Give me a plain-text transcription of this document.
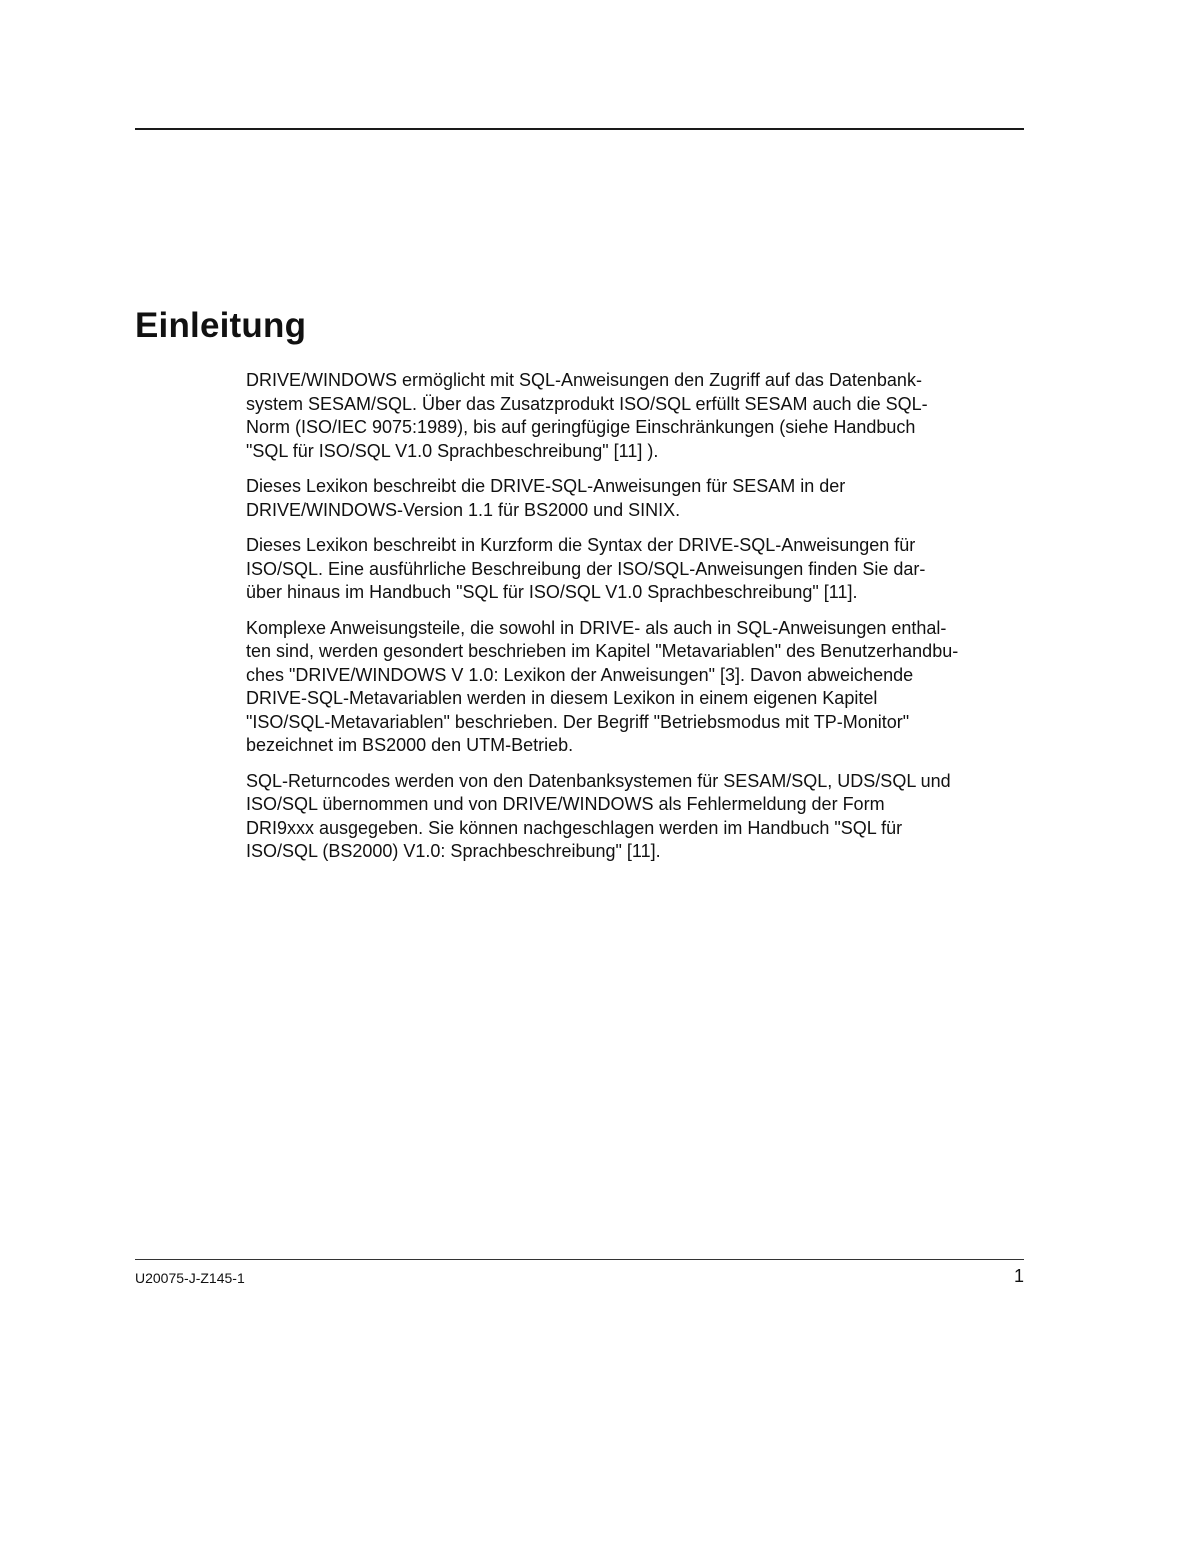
Einleitung

DRIVE/WINDOWS ermöglicht mit SQL-Anweisungen den Zugriff auf das Datenbank-
system SESAM/SQL. Über das Zusatzprodukt ISO/SQL erfüllt SESAM auch die SQL-
Norm (ISO/IEC 9075:1989), bis auf geringfügige Einschränkungen (siehe Handbuch
"SQL für ISO/SQL V1.0 Sprachbeschreibung" [11] ).

Dieses Lexikon beschreibt die DRIVE-SQL-Anweisungen für SESAM in der
DRIVE/WINDOWS-Version 1.1 für BS2000 und SINIX.

Dieses Lexikon beschreibt in Kurzform die Syntax der DRIVE-SQL-Anweisungen für
ISO/SQL. Eine ausführliche Beschreibung der ISO/SQL-Anweisungen finden Sie dar-
über hinaus im Handbuch "SQL für ISO/SQL V1.0 Sprachbeschreibung" [11].

Komplexe Anweisungsteile, die sowohl in DRIVE- als auch in SQL-Anweisungen enthal-
ten sind, werden gesondert beschrieben im Kapitel "Metavariablen" des Benutzerhandbu-
ches "DRIVE/WINDOWS V 1.0: Lexikon der Anweisungen" [3]. Davon abweichende
DRIVE-SQL-Metavariablen werden in diesem Lexikon in einem eigenen Kapitel
"ISO/SQL-Metavariablen" beschrieben. Der Begriff "Betriebsmodus mit TP-Monitor"
bezeichnet im BS2000 den UTM-Betrieb.

SQL-Returncodes werden von den Datenbanksystemen für SESAM/SQL, UDS/SQL und
ISO/SQL übernommen und von DRIVE/WINDOWS als Fehlermeldung der Form
DRI9xxx ausgegeben. Sie können nachgeschlagen werden im Handbuch "SQL für
ISO/SQL (BS2000) V1.0: Sprachbeschreibung" [11].

U20075-J-Z145-1	1
